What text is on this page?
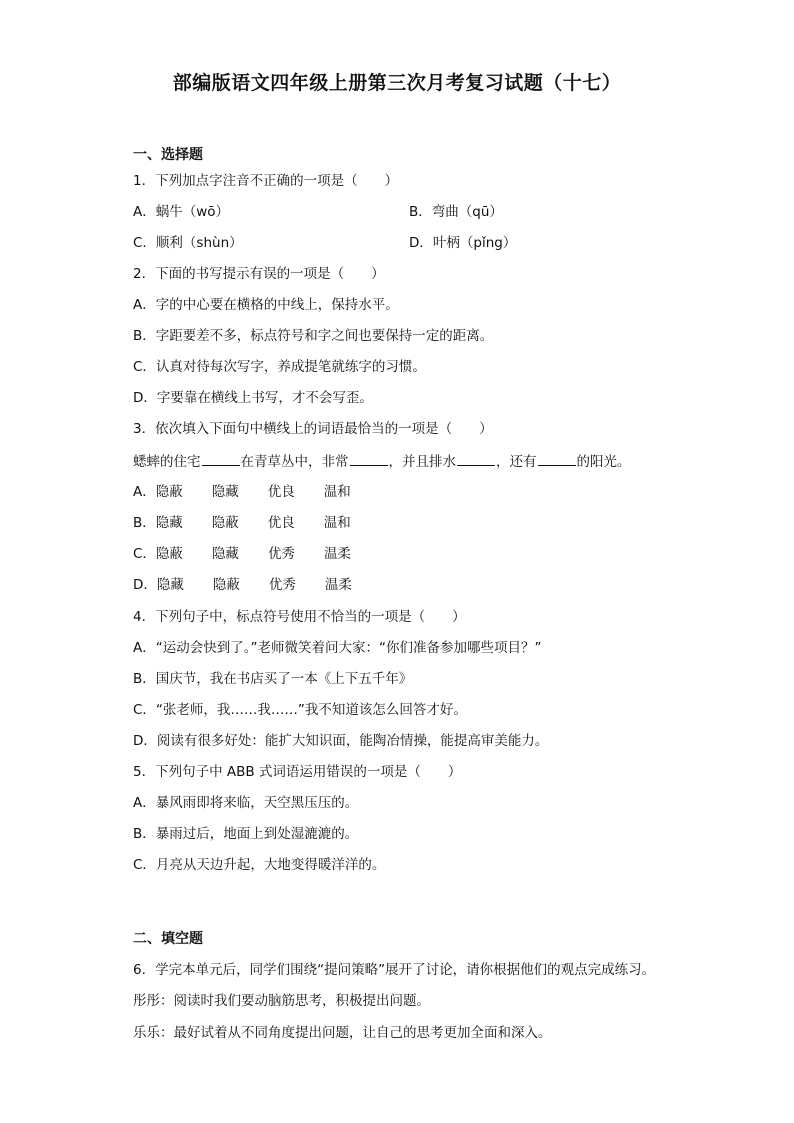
部编版语文四年级上册第三次月考复习试题（十七）
一、选择题
1．下列加点字注音不正确的一项是（　　）
A．蜗牛（wō）	B．弯曲（qū）
C．顺利（shùn）	D．叶柄（pǐng）
2．下面的书写提示有误的一项是（　　）
A．字的中心要在横格的中线上，保持水平。
B．字距要差不多，标点符号和字之间也要保持一定的距离。
C．认真对待每次写字，养成提笔就练字的习惯。
D．字要靠在横线上书写，才不会写歪。
3．依次填入下面句中横线上的词语最恰当的一项是（　　）
蟋蟀的住宅	在青草丛中，非常	，并且排水	，还有	的阳光。
A．隐蔽 隐藏 优良 温和
B．隐藏 隐蔽 优良 温和
C．隐蔽 隐藏 优秀 温柔
D．隐藏 隐蔽 优秀 温柔
4．下列句子中，标点符号使用不恰当的一项是（　　）
A．“运动会快到了。”老师微笑着问大家：“你们准备参加哪些项目？”
B．国庆节，我在书店买了一本《上下五千年》
C．“张老师，我……我……”我不知道该怎么回答才好。
D．阅读有很多好处：能扩大知识面，能陶冶情操，能提高审美能力。
5．下列句子中 ABB 式词语运用错误的一项是（　　）
A．暴风雨即将来临，天空黑压压的。
B．暴雨过后，地面上到处湿漉漉的。
C．月亮从天边升起，大地变得暖洋洋的。
二、填空题
6．学完本单元后，同学们围绕“提问策略”展开了讨论，请你根据他们的观点完成练习。
彤彤：阅读时我们要动脑筋思考，积极提出问题。
乐乐：最好试着从不同角度提出问题，让自己的思考更加全面和深入。
